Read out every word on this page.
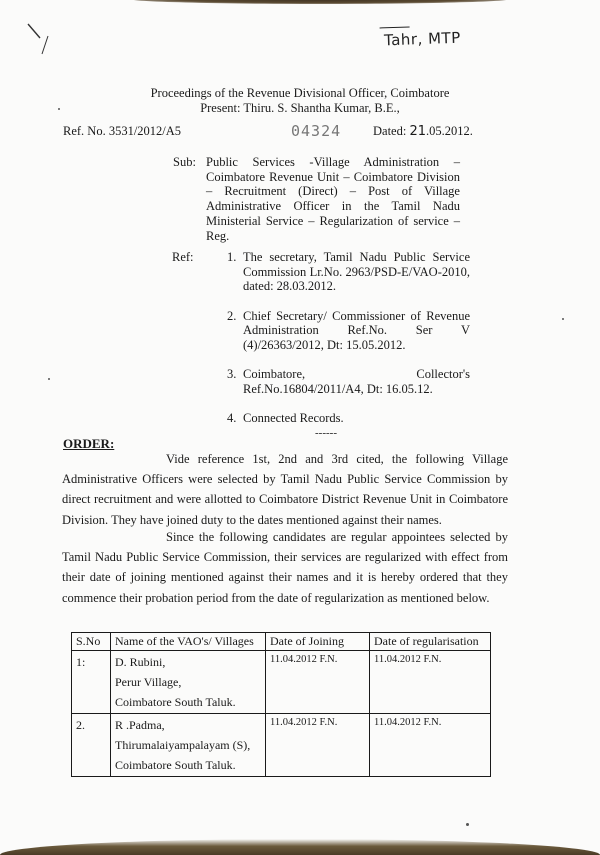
Tahr, MTP
Proceedings of the Revenue Divisional Officer, Coimbatore
Present: Thiru. S. Shantha Kumar, B.E.,
Ref. No. 3531/2012/A5	04324	Dated: 21.05.2012.
Sub: Public Services -Village Administration – Coimbatore Revenue Unit – Coimbatore Division – Recruitment (Direct) – Post of Village Administrative Officer in the Tamil Nadu Ministerial Service – Regularization of service – Reg.
Ref:	1. The secretary, Tamil Nadu Public Service Commission Lr.No. 2963/PSD-E/VAO-2010, dated: 28.03.2012.
2. Chief Secretary/ Commissioner of Revenue Administration Ref.No. Ser V (4)/26363/2012, Dt: 15.05.2012.
3. Coimbatore, Collector's Ref.No.16804/2011/A4, Dt: 16.05.12.
4. Connected Records.
------
ORDER:
Vide reference 1st, 2nd and 3rd cited, the following Village Administrative Officers were selected by Tamil Nadu Public Service Commission by direct recruitment and were allotted to Coimbatore District Revenue Unit in Coimbatore Division. They have joined duty to the dates mentioned against their names.
Since the following candidates are regular appointees selected by Tamil Nadu Public Service Commission, their services are regularized with effect from their date of joining mentioned against their names and it is hereby ordered that they commence their probation period from the date of regularization as mentioned below.
S.No	Name of the VAO's/ Villages	Date of Joining	Date of regularisation
1:	D. Rubini,
Perur Village,
Coimbatore South Taluk.	11.04.2012 F.N.	11.04.2012 F.N.
2.	R .Padma,
Thirumalaiyampalayam (S),
Coimbatore South Taluk.	11.04.2012 F.N.	11.04.2012 F.N.
